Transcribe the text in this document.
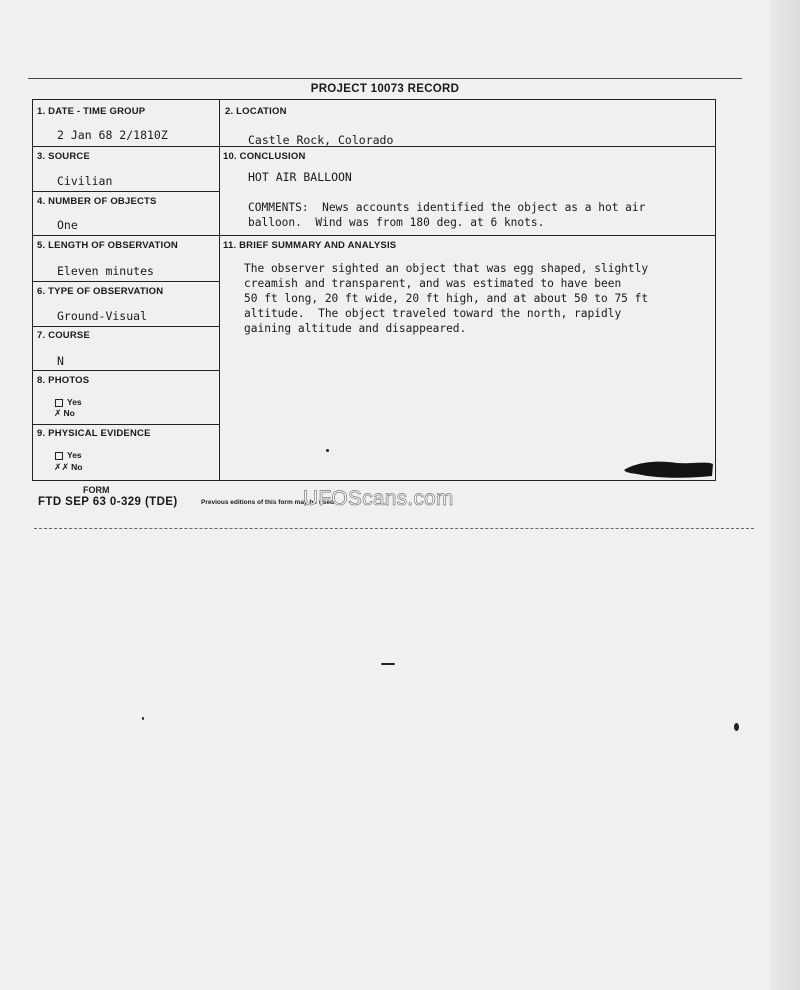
PROJECT 10073 RECORD
1. DATE - TIME GROUP
2 Jan 68 2/1810Z
2. LOCATION
Castle Rock, Colorado
3. SOURCE
Civilian
10. CONCLUSION
HOT AIR BALLOON
4. NUMBER OF OBJECTS
One
COMMENTS:  News accounts identified the object as a hot air
balloon.  Wind was from 180 deg. at 6 knots.
5. LENGTH OF OBSERVATION
Eleven minutes
11. BRIEF SUMMARY AND ANALYSIS
The observer sighted an object that was egg shaped, slightly
creamish and transparent, and was estimated to have been
50 ft long, 20 ft wide, 20 ft high, and at about 50 to 75 ft
altitude.  The object traveled toward the north, rapidly
gaining altitude and disappeared.
6. TYPE OF OBSERVATION
Ground-Visual
7. COURSE
N
8. PHOTOS
Yes
✗ No
9. PHYSICAL EVIDENCE
Yes
✗✗ No
FORM
FTD SEP 63 0-329 (TDE)	Previous editions of this form may be used
UFOScans.com
